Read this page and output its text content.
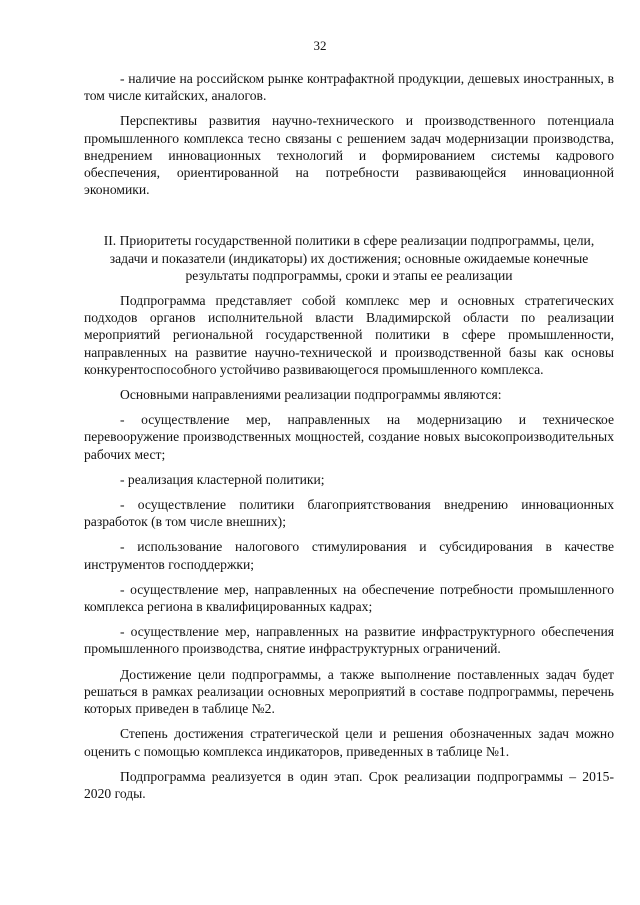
32

- наличие на российском рынке контрафактной продукции, дешевых иностранных, в том числе китайских, аналогов.

Перспективы развития научно-технического и производственного потенциала промышленного комплекса тесно связаны с решением задач модернизации производства, внедрением инновационных технологий и формированием системы кадрового обеспечения, ориентированной на потребности развивающейся инновационной экономики.

II. Приоритеты государственной политики в сфере реализации подпрограммы, цели, задачи и показатели (индикаторы) их достижения; основные ожидаемые конечные результаты подпрограммы, сроки и этапы ее реализации

Подпрограмма представляет собой комплекс мер и основных стратегических подходов органов исполнительной власти Владимирской области по реализации мероприятий региональной государственной политики в сфере промышленности, направленных на развитие научно-технической и производственной базы как основы конкурентоспособного устойчиво развивающегося промышленного комплекса.

Основными направлениями реализации подпрограммы являются:

- осуществление мер, направленных на модернизацию и техническое перевооружение производственных мощностей, создание новых высокопроизводительных рабочих мест;

- реализация кластерной политики;

- осуществление политики благоприятствования внедрению инновационных разработок (в том числе внешних);

- использование налогового стимулирования и субсидирования в качестве инструментов господдержки;

- осуществление мер, направленных на обеспечение потребности промышленного комплекса региона в квалифицированных кадрах;

- осуществление мер, направленных на развитие инфраструктурного обеспечения промышленного производства, снятие инфраструктурных ограничений.

Достижение цели подпрограммы, а также выполнение поставленных задач будет решаться в рамках реализации основных мероприятий в составе подпрограммы, перечень которых приведен в таблице №2.

Степень достижения стратегической цели и решения обозначенных задач можно оценить с помощью комплекса индикаторов, приведенных в таблице №1.

Подпрограмма реализуется в один этап. Срок реализации подпрограммы – 2015-2020 годы.
